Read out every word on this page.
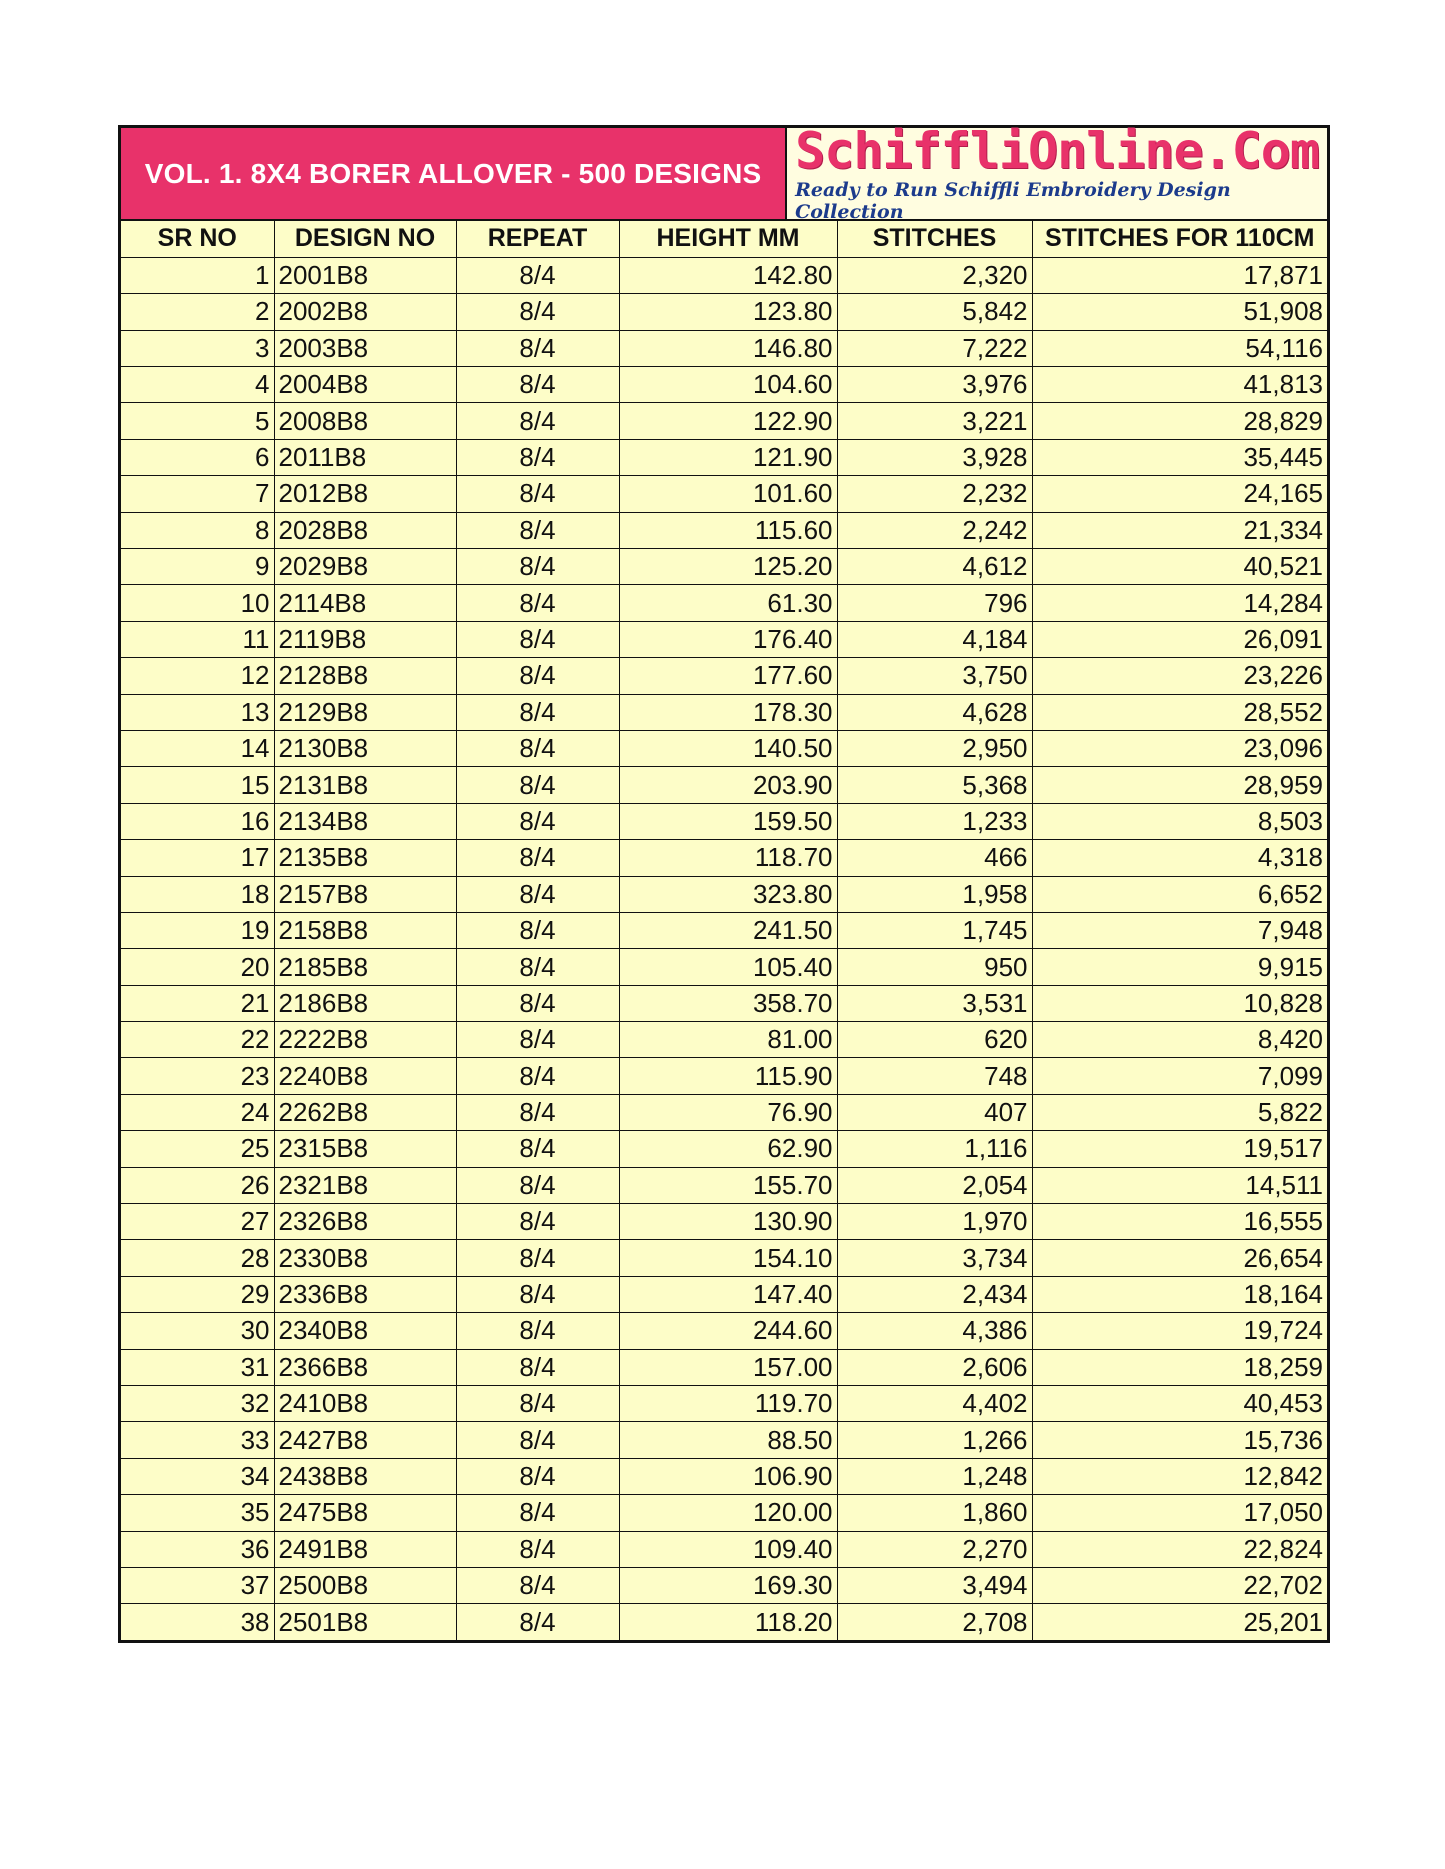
VOL. 1. 8X4 BORER ALLOVER - 500 DESIGNS SchiffliOnline.Com
Ready to Run Schiffli Embroidery Design Collection
SR NO	DESIGN NO	REPEAT	HEIGHT MM	STITCHES	STITCHES FOR 110CM
1	2001B8	8/4	142.80	2,320	17,871
2	2002B8	8/4	123.80	5,842	51,908
3	2003B8	8/4	146.80	7,222	54,116
4	2004B8	8/4	104.60	3,976	41,813
5	2008B8	8/4	122.90	3,221	28,829
6	2011B8	8/4	121.90	3,928	35,445
7	2012B8	8/4	101.60	2,232	24,165
8	2028B8	8/4	115.60	2,242	21,334
9	2029B8	8/4	125.20	4,612	40,521
10	2114B8	8/4	61.30	796	14,284
11	2119B8	8/4	176.40	4,184	26,091
12	2128B8	8/4	177.60	3,750	23,226
13	2129B8	8/4	178.30	4,628	28,552
14	2130B8	8/4	140.50	2,950	23,096
15	2131B8	8/4	203.90	5,368	28,959
16	2134B8	8/4	159.50	1,233	8,503
17	2135B8	8/4	118.70	466	4,318
18	2157B8	8/4	323.80	1,958	6,652
19	2158B8	8/4	241.50	1,745	7,948
20	2185B8	8/4	105.40	950	9,915
21	2186B8	8/4	358.70	3,531	10,828
22	2222B8	8/4	81.00	620	8,420
23	2240B8	8/4	115.90	748	7,099
24	2262B8	8/4	76.90	407	5,822
25	2315B8	8/4	62.90	1,116	19,517
26	2321B8	8/4	155.70	2,054	14,511
27	2326B8	8/4	130.90	1,970	16,555
28	2330B8	8/4	154.10	3,734	26,654
29	2336B8	8/4	147.40	2,434	18,164
30	2340B8	8/4	244.60	4,386	19,724
31	2366B8	8/4	157.00	2,606	18,259
32	2410B8	8/4	119.70	4,402	40,453
33	2427B8	8/4	88.50	1,266	15,736
34	2438B8	8/4	106.90	1,248	12,842
35	2475B8	8/4	120.00	1,860	17,050
36	2491B8	8/4	109.40	2,270	22,824
37	2500B8	8/4	169.30	3,494	22,702
38	2501B8	8/4	118.20	2,708	25,201
